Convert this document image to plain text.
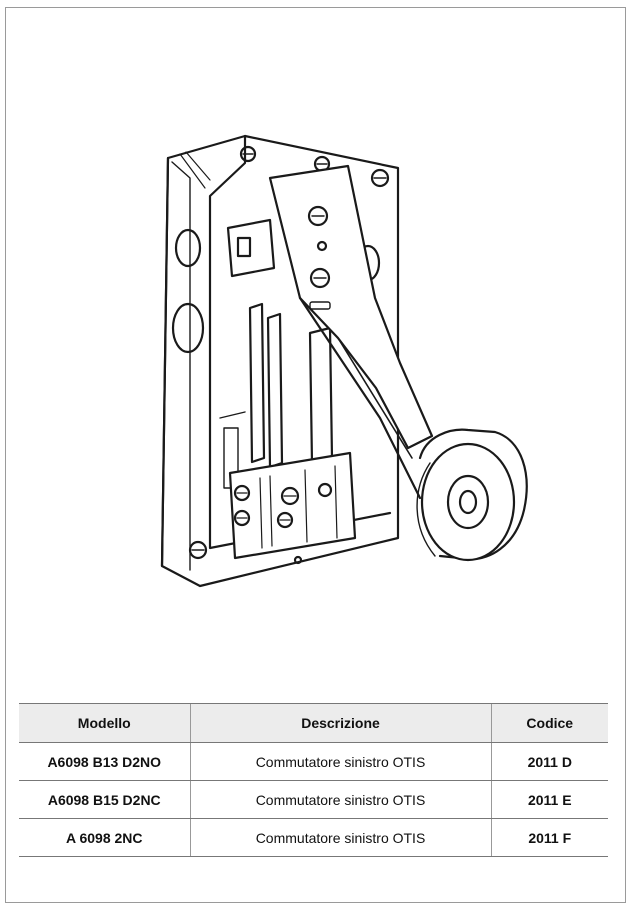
Modello	Descrizione	Codice
A6098 B13 D2NO	Commutatore sinistro OTIS	2011 D
A6098 B15 D2NC	Commutatore sinistro OTIS	2011 E
A 6098 2NC	Commutatore sinistro OTIS	2011 F
